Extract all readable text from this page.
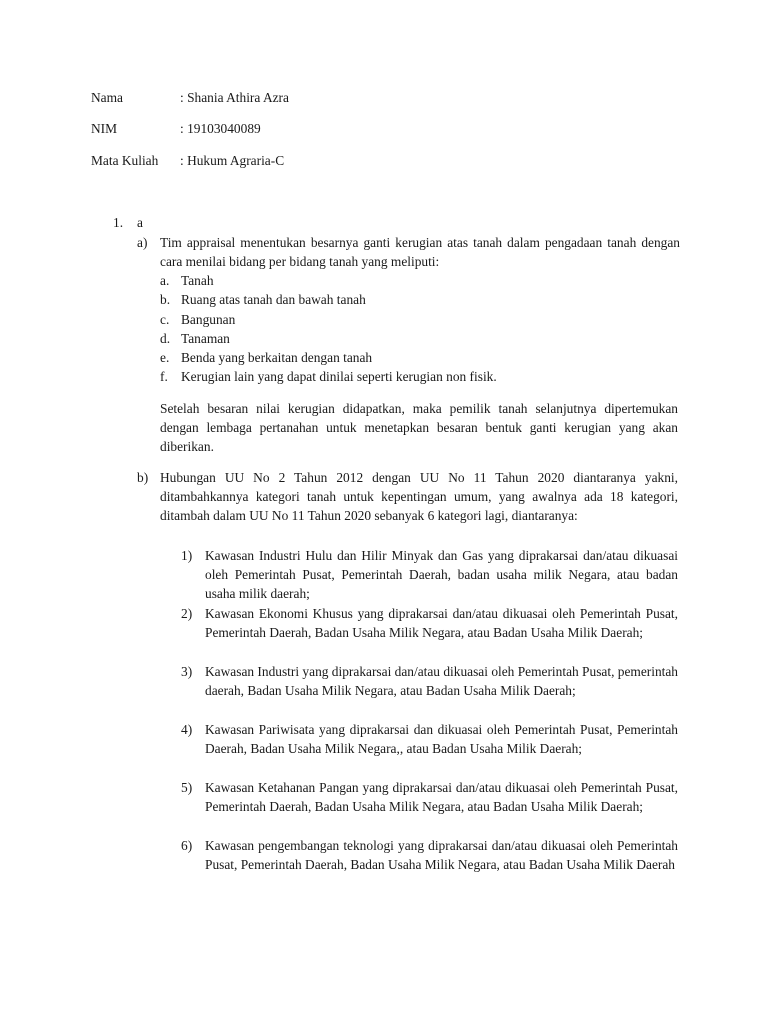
Nama	: Shania Athira Azra
NIM	: 19103040089
Mata Kuliah : Hukum Agraria-C
1. a
a) Tim appraisal menentukan besarnya ganti kerugian atas tanah dalam pengadaan tanah dengan cara menilai bidang per bidang tanah yang meliputi:
a. Tanah
b. Ruang atas tanah dan bawah tanah
c. Bangunan
d. Tanaman
e. Benda yang berkaitan dengan tanah
f. Kerugian lain yang dapat dinilai seperti kerugian non fisik.
Setelah besaran nilai kerugian didapatkan, maka pemilik tanah selanjutnya dipertemukan dengan lembaga pertanahan untuk menetapkan besaran bentuk ganti kerugian yang akan diberikan.
b) Hubungan UU No 2 Tahun 2012 dengan UU No 11 Tahun 2020 diantaranya yakni, ditambahkannya kategori tanah untuk kepentingan umum, yang awalnya ada 18 kategori, ditambah dalam UU No 11 Tahun 2020 sebanyak 6 kategori lagi, diantaranya:
1) Kawasan Industri Hulu dan Hilir Minyak dan Gas yang diprakarsai dan/atau dikuasai oleh Pemerintah Pusat, Pemerintah Daerah, badan usaha milik Negara, atau badan usaha milik daerah;
2) Kawasan Ekonomi Khusus yang diprakarsai dan/atau dikuasai oleh Pemerintah Pusat, Pemerintah Daerah, Badan Usaha Milik Negara, atau Badan Usaha Milik Daerah;
3) Kawasan Industri yang diprakarsai dan/atau dikuasai oleh Pemerintah Pusat, pemerintah daerah, Badan Usaha Milik Negara, atau Badan Usaha Milik Daerah;
4) Kawasan Pariwisata yang diprakarsai dan dikuasai oleh Pemerintah Pusat, Pemerintah Daerah, Badan Usaha Milik Negara,, atau Badan Usaha Milik Daerah;
5) Kawasan Ketahanan Pangan yang diprakarsai dan/atau dikuasai oleh Pemerintah Pusat, Pemerintah Daerah, Badan Usaha Milik Negara, atau Badan Usaha Milik Daerah;
6) Kawasan pengembangan teknologi yang diprakarsai dan/atau dikuasai oleh Pemerintah Pusat, Pemerintah Daerah, Badan Usaha Milik Negara, atau Badan Usaha Milik Daerah
